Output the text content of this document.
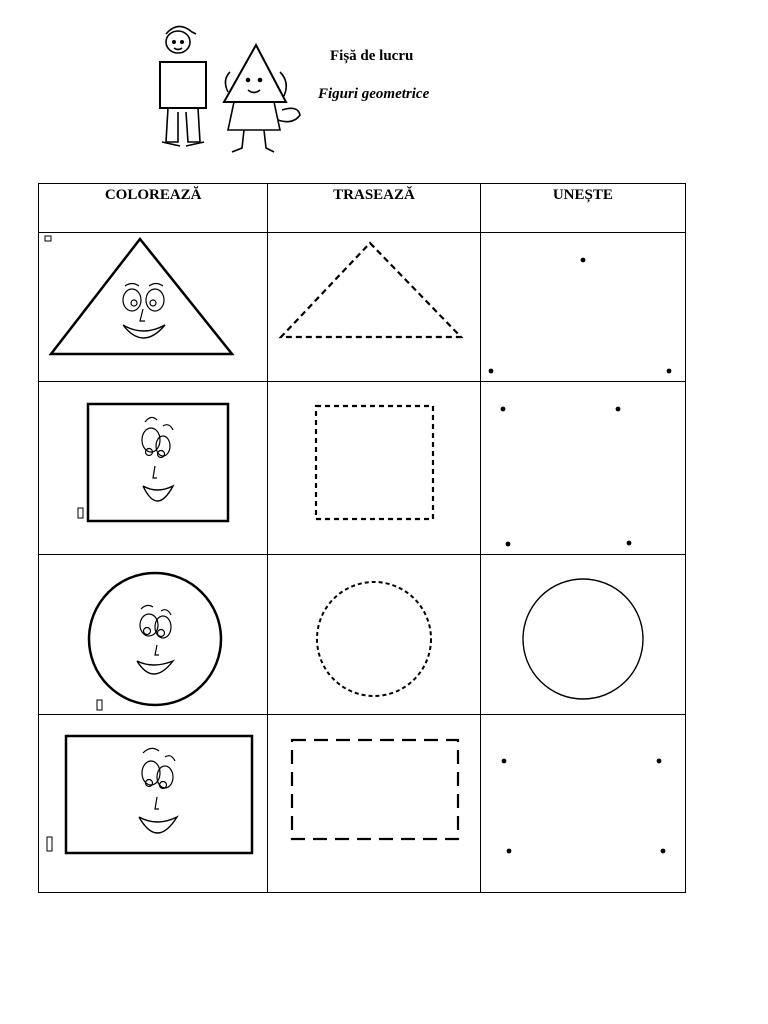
Fișă de lucru
Figuri geometrice
COLOREAZĂ	TRASEAZĂ	UNEȘTE
